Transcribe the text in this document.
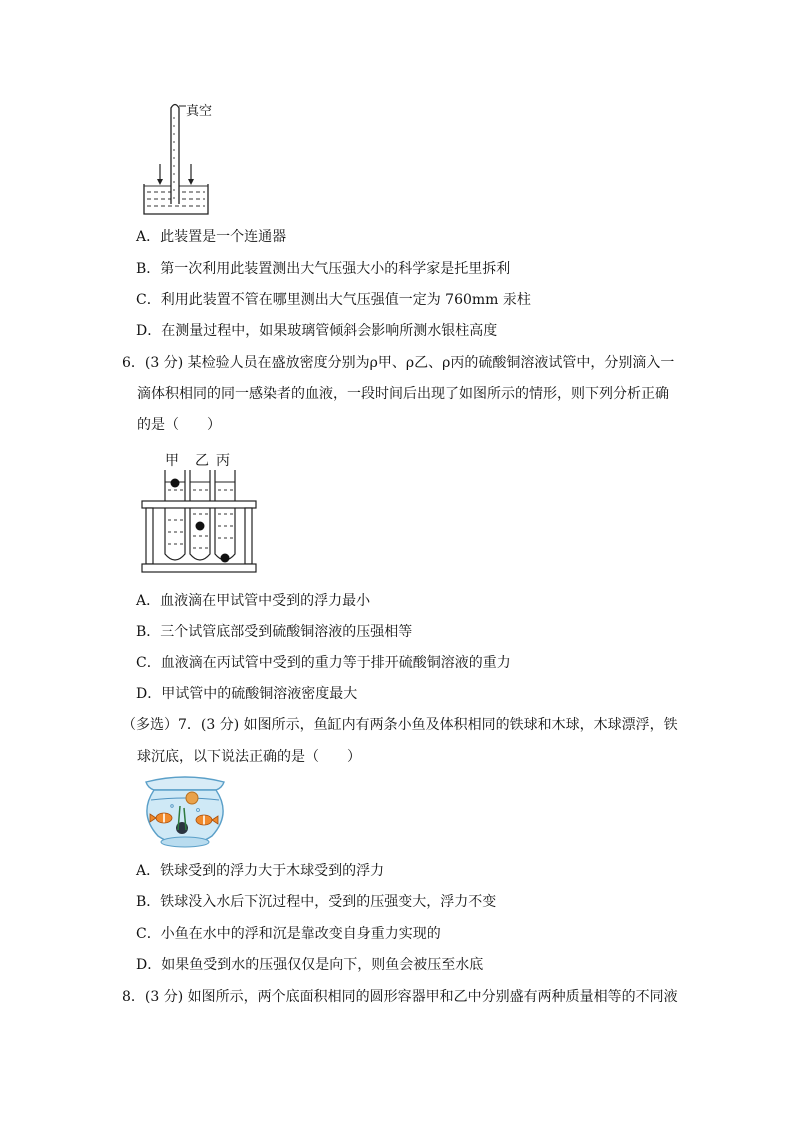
真空
A．此装置是一个连通器
B．第一次利用此装置测出大气压强大小的科学家是托里拆利
C．利用此装置不管在哪里测出大气压强值一定为 760mm 汞柱
D．在测量过程中，如果玻璃管倾斜会影响所测水银柱高度
6．(3 分) 某检验人员在盛放密度分别为ρ甲、ρ乙、ρ丙的硫酸铜溶液试管中，分别滴入一
滴体积相同的同一感染者的血液，一段时间后出现了如图所示的情形，则下列分析正确
的是（　　）
甲 乙 丙
A．血液滴在甲试管中受到的浮力最小
B．三个试管底部受到硫酸铜溶液的压强相等
C．血液滴在丙试管中受到的重力等于排开硫酸铜溶液的重力
D．甲试管中的硫酸铜溶液密度最大
（多选）7．(3 分) 如图所示，鱼缸内有两条小鱼及体积相同的铁球和木球，木球漂浮，铁
球沉底，以下说法正确的是（　　）
A．铁球受到的浮力大于木球受到的浮力
B．铁球没入水后下沉过程中，受到的压强变大，浮力不变
C．小鱼在水中的浮和沉是靠改变自身重力实现的
D．如果鱼受到水的压强仅仅是向下，则鱼会被压至水底
8．(3 分) 如图所示，两个底面积相同的圆形容器甲和乙中分别盛有两种质量相等的不同液
